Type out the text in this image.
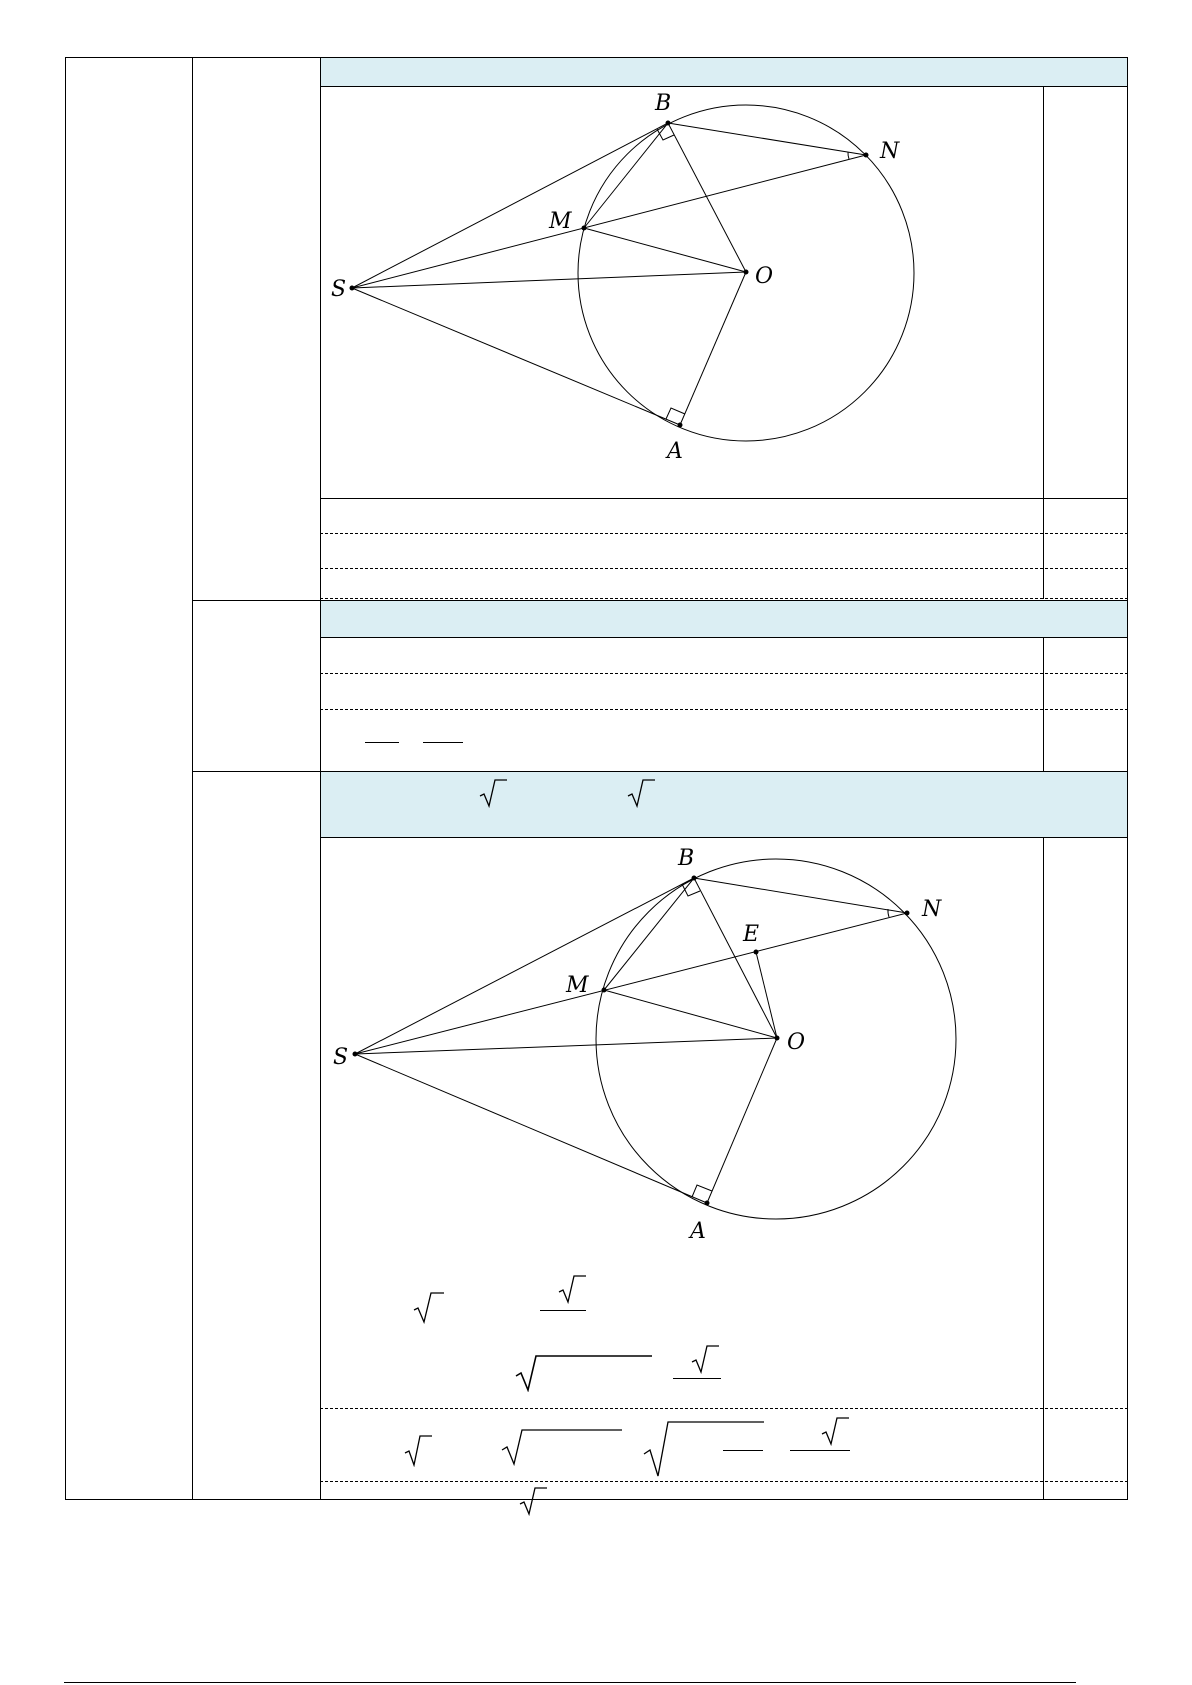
S
M
B
N
O
A
S
M
B
N
E
O
A
